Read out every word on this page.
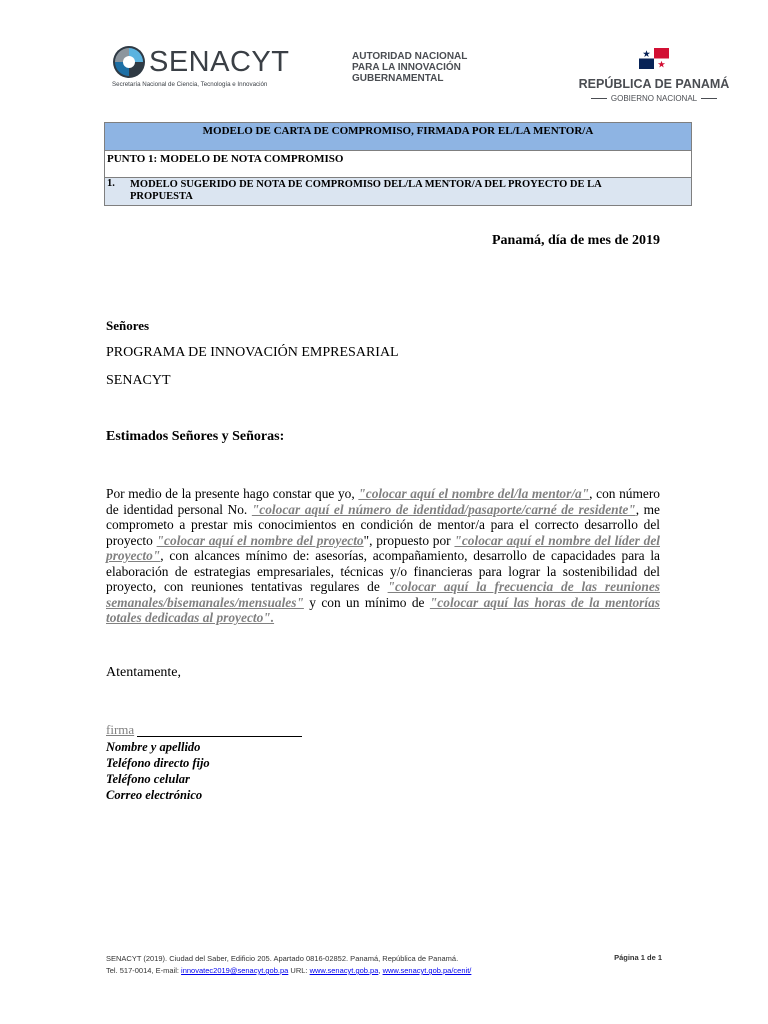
SENACYT
Secretaría Nacional de Ciencia, Tecnología e Innovación
AUTORIDAD NACIONAL
PARA LA INNOVACIÓN
GUBERNAMENTAL	REPÚBLICA DE PANAMÁ
GOBIERNO NACIONAL
MODELO DE CARTA DE COMPROMISO, FIRMADA POR EL/LA MENTOR/A
PUNTO 1: MODELO DE NOTA COMPROMISO
1. MODELO SUGERIDO DE NOTA DE COMPROMISO DEL/LA MENTOR/A DEL PROYECTO DE LA PROPUESTA
Panamá, día de mes de 2019
Señores
PROGRAMA DE INNOVACIÓN EMPRESARIAL
SENACYT
Estimados Señores y Señoras:
Por medio de la presente hago constar que yo, "colocar aquí el nombre del/la mentor/a", con número de identidad personal No. "colocar aquí el número de identidad/pasaporte/carné de residente", me comprometo a prestar mis conocimientos en condición de mentor/a para el correcto desarrollo del proyecto "colocar aquí el nombre del proyecto", propuesto por "colocar aquí el nombre del líder del proyecto", con alcances mínimo de: asesorías, acompañamiento, desarrollo de capacidades para la elaboración de estrategias empresariales, técnicas y/o financieras para lograr la sostenibilidad del proyecto, con reuniones tentativas regulares de "colocar aquí la frecuencia de las reuniones semanales/bisemanales/mensuales" y con un mínimo de "colocar aquí las horas de la mentorías totales dedicadas al proyecto".
Atentamente,
firma
Nombre y apellido
Teléfono directo fijo
Teléfono celular
Correo electrónico
SENACYT (2019). Ciudad del Saber, Edificio 205. Apartado 0816-02852. Panamá, República de Panamá.
Tel. 517-0014, E-mail: innovatec2019@senacyt.gob.pa URL: www.senacyt.gob.pa, www.senacyt.gob.pa/cenit/
Página 1 de 1
